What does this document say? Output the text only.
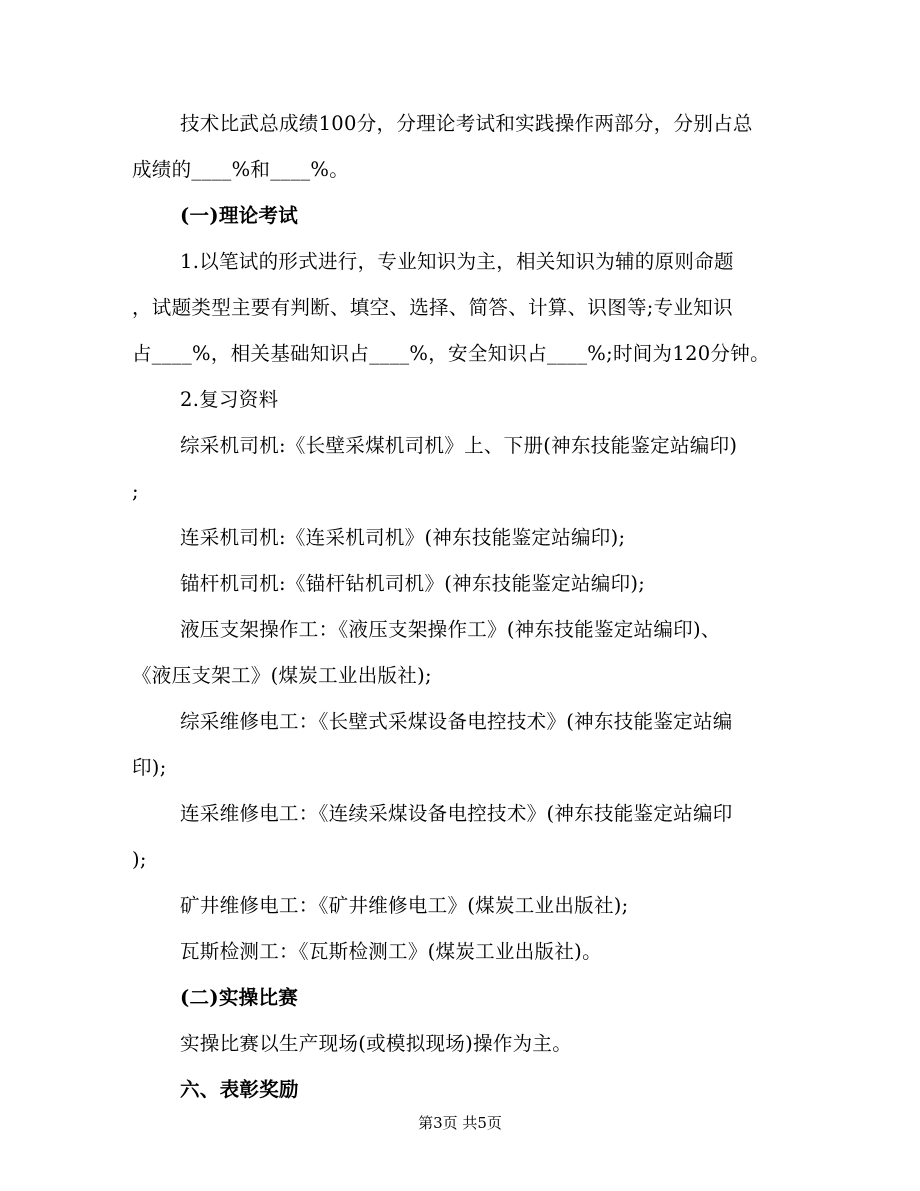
技术比武总成绩100分，分理论考试和实践操作两部分，分别占总
成绩的____%和____%。
(一)理论考试
1.以笔试的形式进行，专业知识为主，相关知识为辅的原则命题
，试题类型主要有判断、填空、选择、简答、计算、识图等;专业知识
占____%，相关基础知识占____%，安全知识占____%;时间为120分钟。
2.复习资料
综采机司机:《长壁采煤机司机》上、下册(神东技能鉴定站编印)
;
连采机司机:《连采机司机》(神东技能鉴定站编印);
锚杆机司机:《锚杆钻机司机》(神东技能鉴定站编印);
液压支架操作工：《液压支架操作工》(神东技能鉴定站编印)、
《液压支架工》(煤炭工业出版社);
综采维修电工：《长壁式采煤设备电控技术》(神东技能鉴定站编
印);
连采维修电工：《连续采煤设备电控技术》(神东技能鉴定站编印
);
矿井维修电工：《矿井维修电工》(煤炭工业出版社);
瓦斯检测工：《瓦斯检测工》(煤炭工业出版社)。
(二)实操比赛
实操比赛以生产现场(或模拟现场)操作为主。
六、表彰奖励
第3页 共5页
